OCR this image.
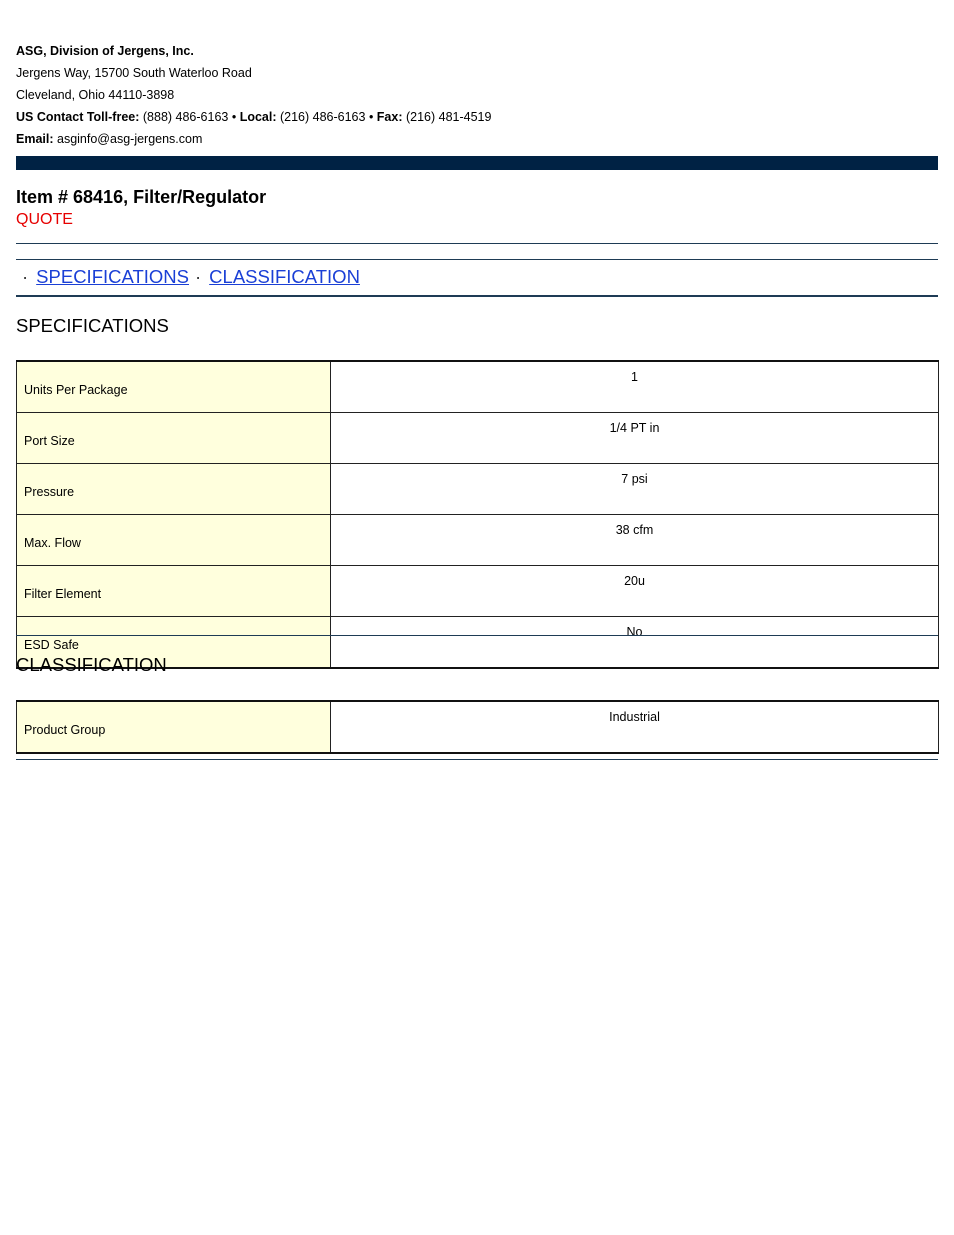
ASG, Division of Jergens, Inc.
Jergens Way, 15700 South Waterloo Road
Cleveland, Ohio 44110-3898
US Contact Toll-free: (888) 486-6163 • Local: (216) 486-6163 • Fax: (216) 481-4519
Email: asginfo@asg-jergens.com
Item # 68416, Filter/Regulator
QUOTE
· SPECIFICATIONS · CLASSIFICATION
SPECIFICATIONS
Units Per Package	1
Port Size	1/4 PT in
Pressure	7 psi
Max. Flow	38 cfm
Filter Element	20u
ESD Safe	No
CLASSIFICATION
Product Group	Industrial
